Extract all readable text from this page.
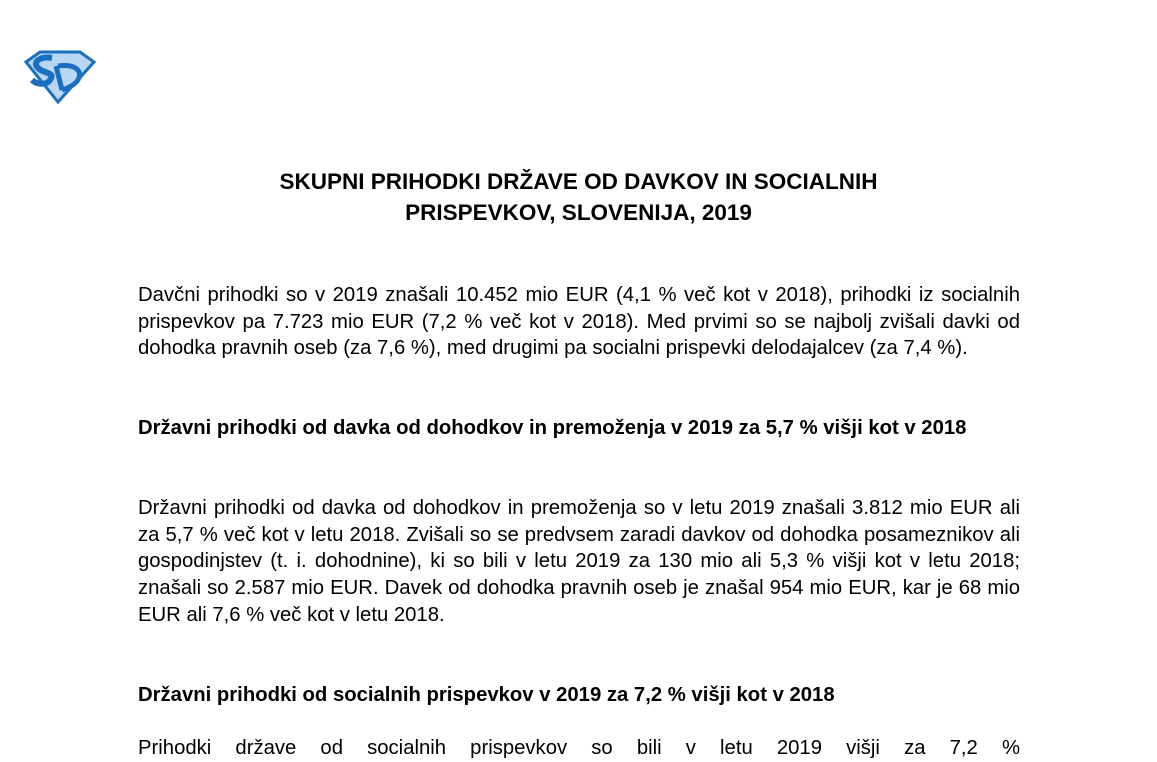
SKUPNI PRIHODKI DRŽAVE OD DAVKOV IN SOCIALNIH
PRISPEVKOV, SLOVENIJA, 2019

Davčni prihodki so v 2019 znašali 10.452 mio EUR (4,1 % več kot v 2018), prihodki iz socialnih prispevkov pa 7.723 mio EUR (7,2 % več kot v 2018). Med prvimi so se najbolj zvišali davki od dohodka pravnih oseb (za 7,6 %), med drugimi pa socialni prispevki delodajalcev (za 7,4 %).

Državni prihodki od davka od dohodkov in premoženja v 2019 za 5,7 % višji kot v 2018

Državni prihodki od davka od dohodkov in premoženja so v letu 2019 znašali 3.812 mio EUR ali za 5,7 % več kot v letu 2018. Zvišali so se predvsem zaradi davkov od dohodka posameznikov ali gospodinjstev (t. i. dohodnine), ki so bili v letu 2019 za 130 mio ali 5,3 % višji kot v letu 2018; znašali so 2.587 mio EUR. Davek od dohodka pravnih oseb je znašal 954 mio EUR, kar je 68 mio EUR ali 7,6 % več kot v letu 2018.

Državni prihodki od socialnih prispevkov v 2019 za 7,2 % višji kot v 2018

Prihodki države od socialnih prispevkov so bili v letu 2019 višji za 7,2 %
